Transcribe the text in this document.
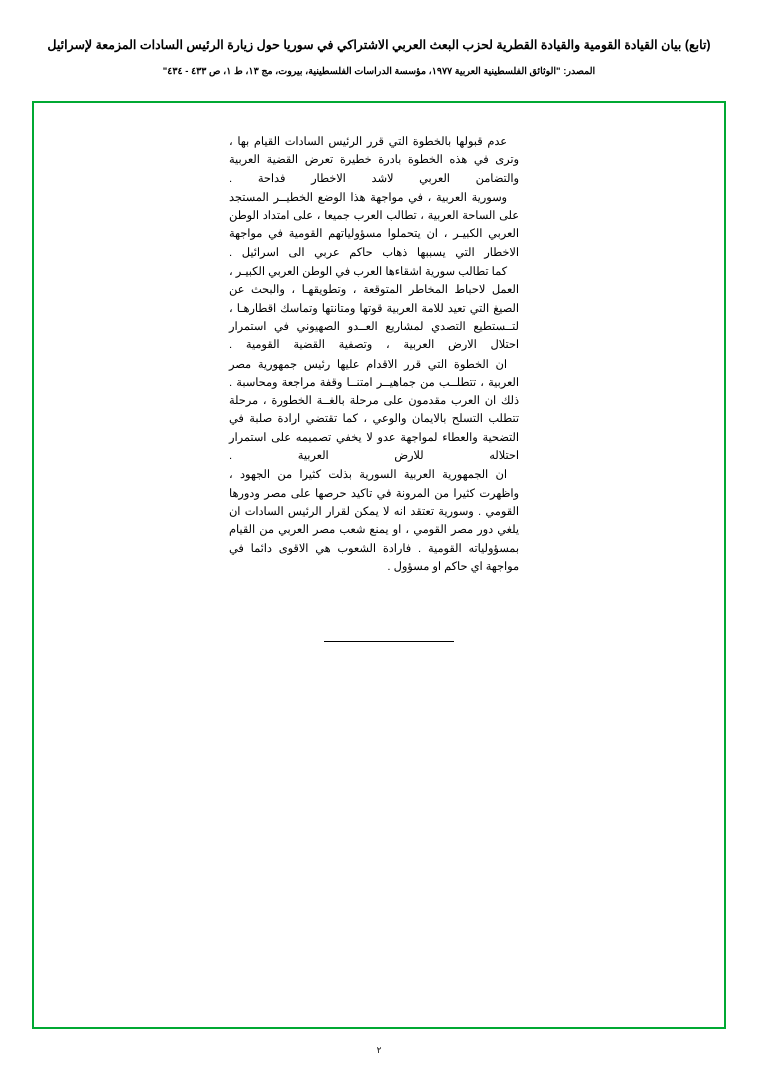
(تابع) بيان القيادة القومية والقيادة القطرية لحزب البعث العربي الاشتراكي في سوريا حول زيارة الرئيس السادات المزمعة لإسرائيل
المصدر: "الوثائق الفلسطينية العربية ١٩٧٧، مؤسسة الدراسات الفلسطينية، بيروت، مج ١٣، ط ١، ص ٤٣٣ - ٤٣٤"

عدم قبولها بالخطوة التي قرر الرئيس السادات القيام بها ، وترى في هذه الخطوة بادرة خطيرة تعرض القضية العربية والتضامن العربي لاشد الاخطار فداحة .

وسورية العربية ، في مواجهة هذا الوضع الخطيــر المستجد على الساحة العربية ، تطالب العرب جميعا ، على امتداد الوطن العربي الكبيـر ، ان يتحملوا مسؤولياتهم القومية في مواجهة الاخطار التي يسببها ذهاب حاكم عربي الى اسرائيل .

كما تطالب سورية اشقاءها العرب في الوطن العربي الكبيـر ، العمل لاحباط المخاطر المتوقعة ، وتطويقهـا ، والبحث عن الصيغ التي تعيد للامة العربية قوتها ومتانتها وتماسك اقطارهـا ، لتــستطيع التصدي لمشاريع العــدو الصهيوني في استمرار احتلال الارض العربية ، وتصفية القضية القومية .

ان الخطوة التي قرر الاقدام عليها رئيس جمهورية مصر العربية ، تتطلــب من جماهيــر امتنــا وقفة مراجعة ومحاسبة . ذلك ان العرب مقدمون على مرحلة بالغــة الخطورة ، مرحلة تتطلب التسلح بالايمان والوعي ، كما تقتضي ارادة صلبة في التضحية والعطاء لمواجهة عدو لا يخفي تصميمه على استمرار احتلاله للارض العربية .

ان الجمهورية العربية السورية بذلت كثيرا من الجهود ، واظهرت كثيرا من المرونة في تاكيد حرصها على مصر ودورها القومي . وسورية تعتقد انه لا يمكن لقرار الرئيس السادات ان يلغي دور مصر القومي ، او يمنع شعب مصر العربي من القيام بمسؤولياته القومية . فارادة الشعوب هي الاقوى دائما في مواجهة اي حاكم او مسؤول .

٢
